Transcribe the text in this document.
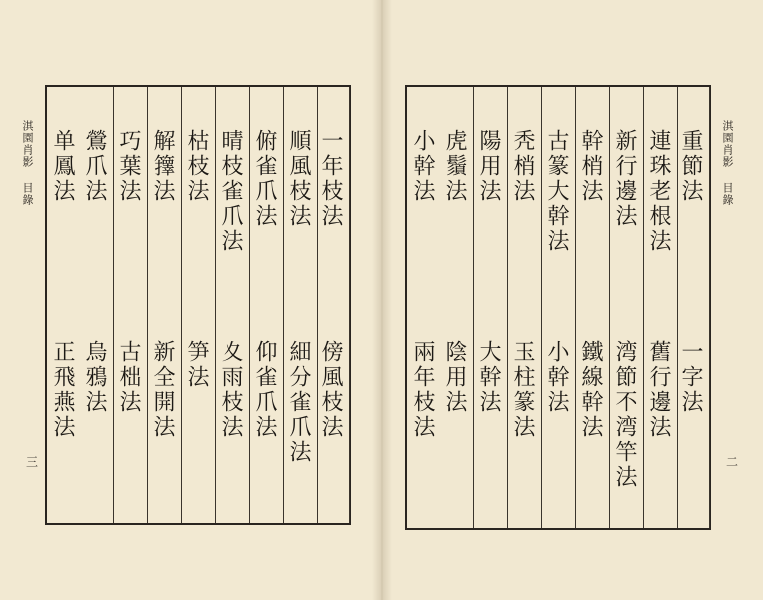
淇園肖影 目錄
三
一年枝法
傍風枝法
順風枝法
細分雀爪法
俯雀爪法
仰雀爪法
晴枝雀爪法
夊雨枝法
枯枝法
笋法
解籜法
新全開法
巧葉法
古柮法
鶯爪法
烏鴉法
单鳳法
正飛燕法
淇園肖影 目錄
二
重節法
一字法
連珠老根法
舊行邊法
新行邊法
湾節不湾竿法
幹梢法
鐵線幹法
古篆大幹法
小幹法
秃梢法
玉柱篆法
陽用法
大幹法
虎鬚法
陰用法
小幹法
兩年枝法
